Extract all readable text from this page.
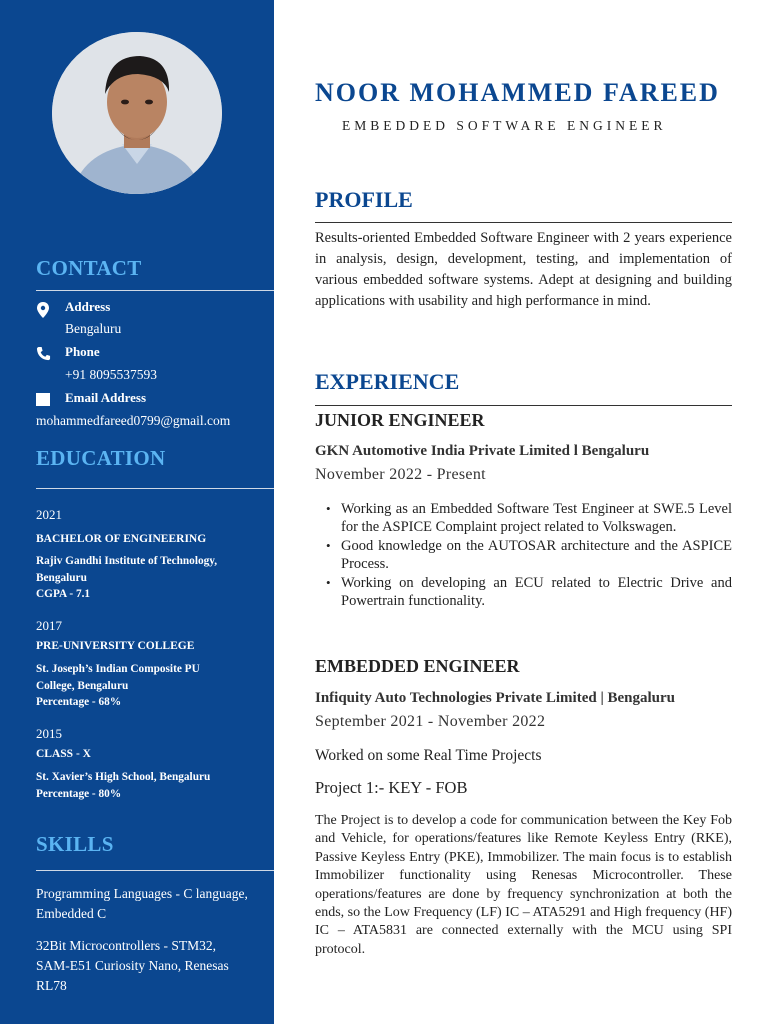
CONTACT
Address
Bengaluru
Phone
+91 8095537593
Email Address
mohammedfareed0799@gmail.com
EDUCATION
2021
BACHELOR OF ENGINEERING
Rajiv Gandhi Institute of Technology,
Bengaluru
CGPA - 7.1
2017
PRE-UNIVERSITY COLLEGE
St. Joseph’s Indian Composite PU
College, Bengaluru
Percentage - 68%
2015
CLASS - X
St. Xavier’s High School, Bengaluru
Percentage - 80%
SKILLS
Programming Languages - C language, Embedded C
32Bit Microcontrollers - STM32, SAM-E51 Curiosity Nano, Renesas RL78
NOOR MOHAMMED FAREED
EMBEDDED SOFTWARE ENGINEER
PROFILE

Results-oriented Embedded Software Engineer with 2 years experience in analysis, design, development, testing, and implementation of various embedded software systems. Adept at designing and building applications with usability and high performance in mind.

EXPERIENCE
JUNIOR ENGINEER
GKN Automotive India Private Limited l Bengaluru
November 2022 - Present
• Working as an Embedded Software Test Engineer at SWE.5 Level for the ASPICE Complaint project related to Volkswagen.
• Good knowledge on the AUTOSAR architecture and the ASPICE Process.
• Working on developing an ECU related to Electric Drive and Powertrain functionality.
EMBEDDED ENGINEER
Infiquity Auto Technologies Private Limited | Bengaluru
September 2021 - November 2022
Worked on some Real Time Projects
Project 1:- KEY - FOB

The Project is to develop a code for communication between the Key Fob and Vehicle, for operations/features like Remote Keyless Entry (RKE), Passive Keyless Entry (PKE), Immobilizer. The main focus is to establish Immobilizer functionality using Renesas Microcontroller. These operations/features are done by frequency synchronization at both the ends, so the Low Frequency (LF) IC – ATA5291 and High frequency (HF) IC – ATA5831 are connected externally with the MCU using SPI protocol.
